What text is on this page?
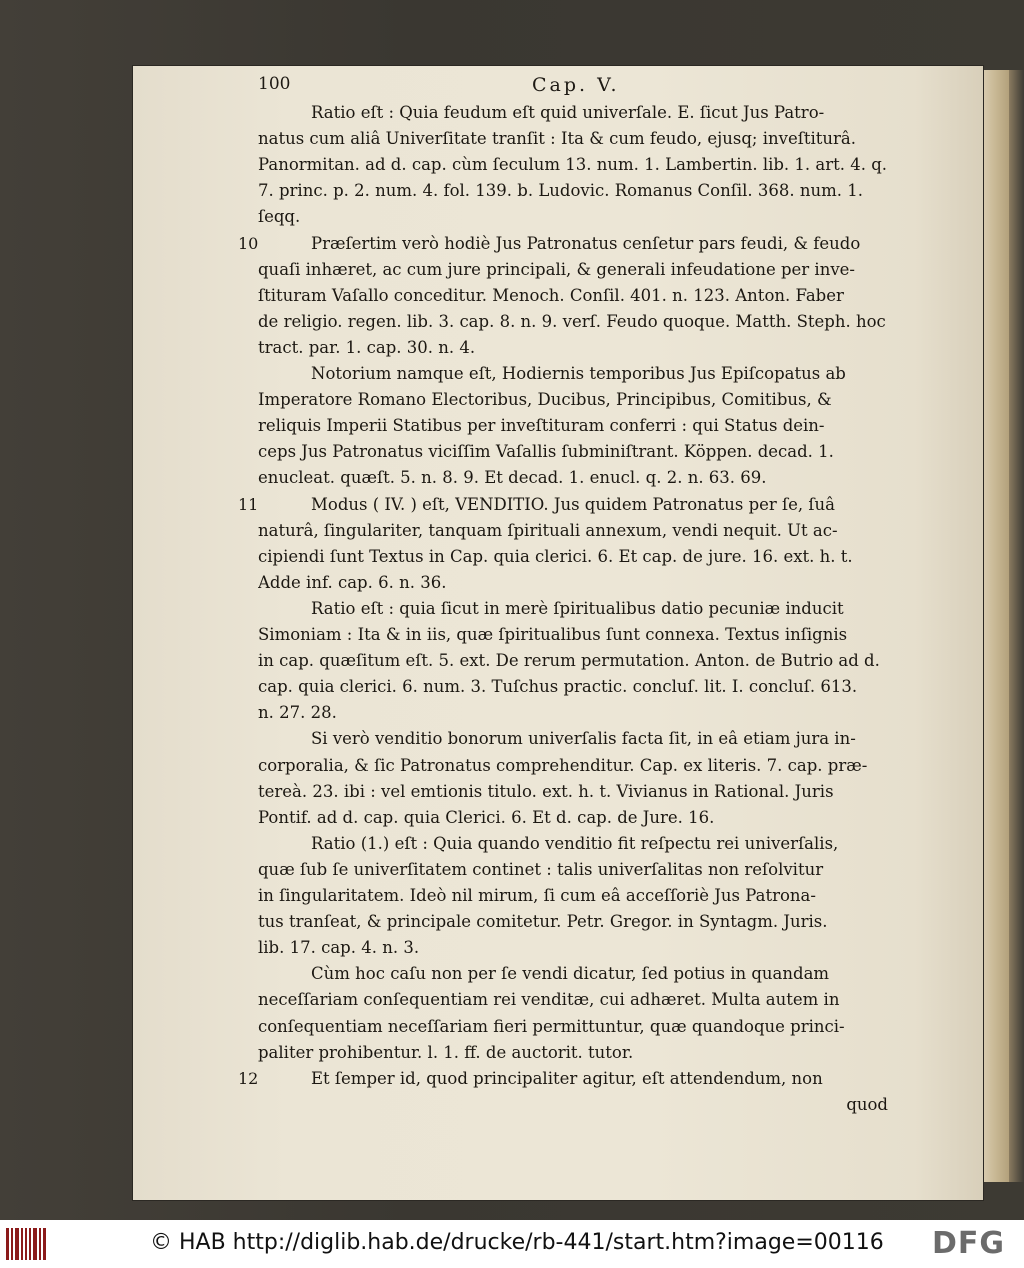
100	Cap. V.
Ratio eſt : Quia feudum eſt quid univerſale. E. ſicut Jus Patro-
natus cum aliâ Univerſitate tranſit : Ita & cum feudo, ejusq; inveſtiturâ.
Panormitan. ad d. cap. cùm ſeculum 13. num. 1. Lambertin. lib. 1. art. 4. q.
7. princ. p. 2. num. 4. fol. 139. b. Ludovic. Romanus Conſil. 368. num. 1.
ſeqq.
Præſertim verò hodiè Jus Patronatus cenſetur pars feudi, & feudo
quaſi inhæret, ac cum jure principali, & generali infeudatione per inve-
ſtituram Vaſallo conceditur. Menoch. Conſil. 401. n. 123. Anton. Faber
de religio. regen. lib. 3. cap. 8. n. 9. verſ. Feudo quoque. Matth. Steph. hoc
tract. par. 1. cap. 30. n. 4.
Notorium namque eſt, Hodiernis temporibus Jus Epiſcopatus ab
Imperatore Romano Electoribus, Ducibus, Principibus, Comitibus, &
reliquis Imperii Statibus per inveſtituram conferri : qui Status dein-
ceps Jus Patronatus viciſſim Vaſallis ſubminiſtrant. Köppen. decad. 1.
enucleat. quæſt. 5. n. 8. 9. Et decad. 1. enucl. q. 2. n. 63. 69.
Modus ( IV. ) eſt, VENDITIO. Jus quidem Patronatus per ſe, ſuâ
naturâ, ſingulariter, tanquam ſpirituali annexum, vendi nequit. Ut ac-
cipiendi ſunt Textus in Cap. quia clerici. 6. Et cap. de jure. 16. ext. h. t.
Adde inf. cap. 6. n. 36.
Ratio eſt : quia ſicut in merè ſpiritualibus datio pecuniæ inducit
Simoniam : Ita & in iis, quæ ſpiritualibus ſunt connexa. Textus inſignis
in cap. quæſitum eſt. 5. ext. De rerum permutation. Anton. de Butrio ad d.
cap. quia clerici. 6. num. 3. Tuſchus practic. concluſ. lit. I. concluſ. 613.
n. 27. 28.
Si verò venditio bonorum univerſalis facta ſit, in eâ etiam jura in-
corporalia, & ſic Patronatus comprehenditur. Cap. ex literis. 7. cap. præ-
tereà. 23. ibi : vel emtionis titulo. ext. h. t. Vivianus in Rational. Juris
Pontif. ad d. cap. quia Clerici. 6. Et d. cap. de Jure. 16.
Ratio (1.) eſt : Quia quando venditio fit reſpectu rei univerſalis,
quæ ſub ſe univerſitatem continet : talis univerſalitas non reſolvitur
in ſingularitatem. Ideò nil mirum, ſi cum eâ acceſſoriè Jus Patrona-
tus tranſeat, & principale comitetur. Petr. Gregor. in Syntagm. Juris.
lib. 17. cap. 4. n. 3.
Cùm hoc caſu non per ſe vendi dicatur, ſed potius in quandam
neceſſariam conſequentiam rei venditæ, cui adhæret. Multa autem in
conſequentiam neceſſariam fieri permittuntur, quæ quandoque princi-
paliter prohibentur. l. 1. ff. de auctorit. tutor.
Et ſemper id, quod principaliter agitur, eſt attendendum, non
quod
10
11
12
© HAB http://diglib.hab.de/drucke/rb-441/start.htm?image=00116 DFG
